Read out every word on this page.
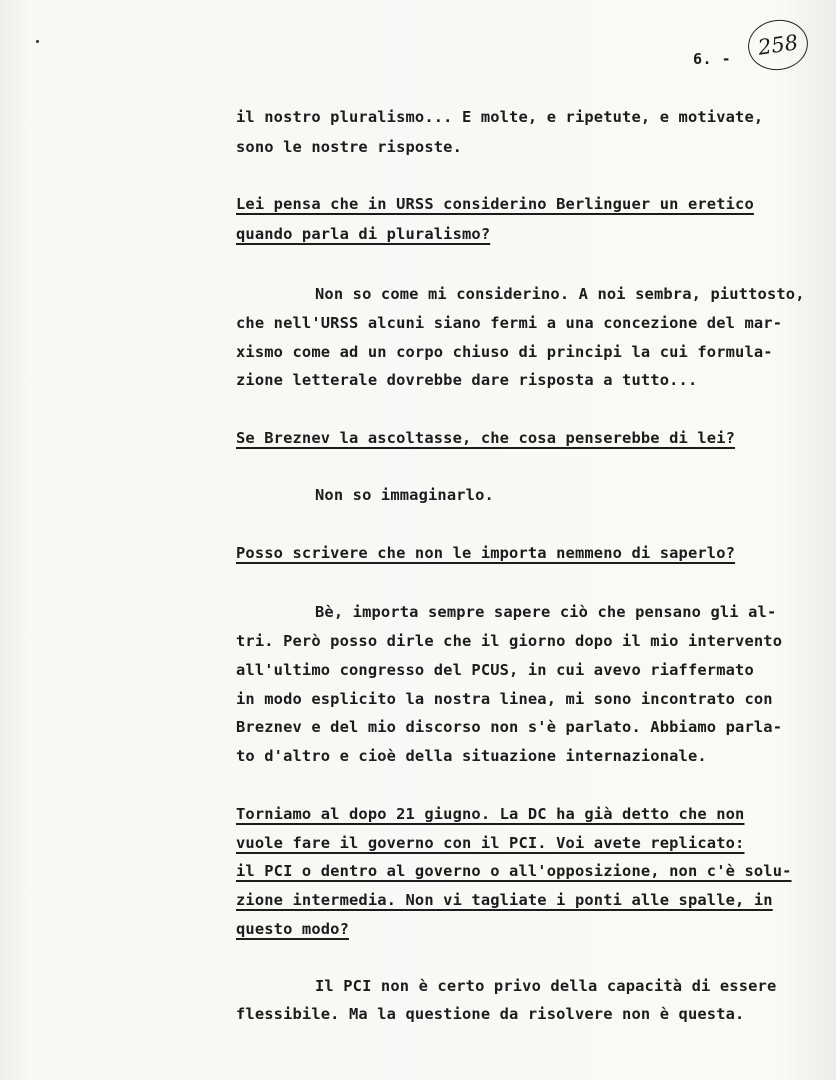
6. -	258
il nostro pluralismo... E molte, e ripetute, e motivate,
sono le nostre risposte.
Lei pensa che in URSS considerino Berlinguer un eretico
quando parla di pluralismo?
Non so come mi considerino. A noi sembra, piuttosto,
che nell'URSS alcuni siano fermi a una concezione del mar-
xismo come ad un corpo chiuso di principi la cui formula-
zione letterale dovrebbe dare risposta a tutto...
Se Breznev la ascoltasse, che cosa penserebbe di lei?
Non so immaginarlo.
Posso scrivere che non le importa nemmeno di saperlo?
Bè, importa sempre sapere ciò che pensano gli al-
tri. Però posso dirle che il giorno dopo il mio intervento
all'ultimo congresso del PCUS, in cui avevo riaffermato
in modo esplicito la nostra linea, mi sono incontrato con
Breznev e del mio discorso non s'è parlato. Abbiamo parla-
to d'altro e cioè della situazione internazionale.
Torniamo al dopo 21 giugno. La DC ha già detto che non
vuole fare il governo con il PCI. Voi avete replicato:
il PCI o dentro al governo o all'opposizione, non c'è solu-
zione intermedia. Non vi tagliate i ponti alle spalle, in
questo modo?
Il PCI non è certo privo della capacità di essere
flessibile. Ma la questione da risolvere non è questa.
